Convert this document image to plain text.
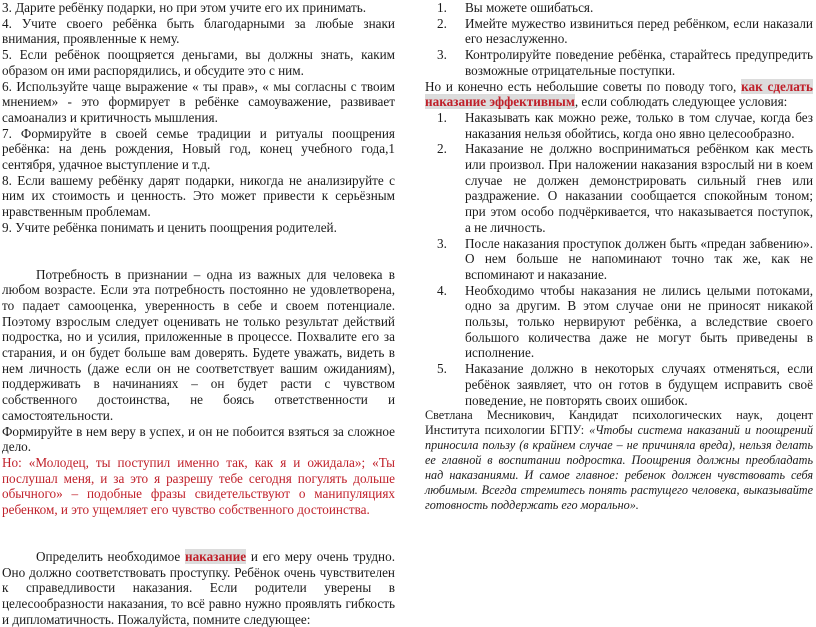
3. Дарите ребёнку подарки, но при этом учите его их принимать.

4. Учите своего ребёнка быть благодарными за любые знаки внимания, проявленные к нему.

5. Если ребёнок поощряется деньгами, вы должны знать, каким образом он ими распорядились, и обсудите это с ним.

6. Используйте чаще выражение « ты прав», « мы согласны с твоим мнением» - это формирует в ребёнке самоуважение, развивает самоанализ и критичность мышления.

7. Формируйте в своей семье традиции и ритуалы поощрения ребёнка: на день рождения, Новый год, конец учебного года,1 сентября, удачное выступление и т.д.

8. Если вашему ребёнку дарят подарки, никогда не анализируйте с ним их стоимость и ценность. Это может привести к серьёзным нравственным проблемам.

9. Учите ребёнка понимать и ценить поощрения родителей.

Потребность в признании – одна из важных для человека в любом возрасте. Если эта потребность постоянно не удовлетворена, то падает самооценка, уверенность в себе и своем потенциале. Поэтому взрослым следует оценивать не только результат действий подростка, но и усилия, приложенные в процессе. Похвалите его за старания, и он будет больше вам доверять. Будете уважать, видеть в нем личность (даже если он не соответствует вашим ожиданиям), поддерживать в начинаниях – он будет расти с чувством собственного достоинства, не боясь ответственности и самостоятельности.

Формируйте в нем веру в успех, и он не побоится взяться за сложное дело.

Но: «Молодец, ты поступил именно так, как я и ожидала»; «Ты послушал меня, и за это я разрешу тебе сегодня погулять дольше обычного» – подобные фразы свидетельствуют о манипуляциях ребенком, и это ущемляет его чувство собственного достоинства.

Определить необходимое наказание и его меру очень трудно. Оно должно соответствовать проступку. Ребёнок очень чувствителен к справедливости наказания. Если родители уверены в целесообразности наказания, то всё равно нужно проявлять гибкость и дипломатичность. Пожалуйста, помните следующее:

1. Вы можете ошибаться.
2. Имейте мужество извиниться перед ребёнком, если наказали его незаслуженно.
3. Контролируйте поведение ребёнка, старайтесь предупредить возможные отрицательные поступки.

Но и конечно есть небольшие советы по поводу того, как сделать наказание эффективным, если соблюдать следующее условия:

1. Наказывать как можно реже, только в том случае, когда без наказания нельзя обойтись, когда оно явно целесообразно.
2. Наказание не должно восприниматься ребёнком как месть или произвол. При наложении наказания взрослый ни в коем случае не должен демонстрировать сильный гнев или раздражение. О наказании сообщается спокойным тоном; при этом особо подчёркивается, что наказывается поступок, а не личность.
3. После наказания проступок должен быть «предан забвению». О нем больше не напоминают точно так же, как не вспоминают и наказание.
4. Необходимо чтобы наказания не лились целыми потоками, одно за другим. В этом случае они не приносят никакой пользы, только нервируют ребёнка, а вследствие своего большого количества даже не могут быть приведены в исполнение.
5. Наказание должно в некоторых случаях отменяться, если ребёнок заявляет, что он готов в будущем исправить своё поведение, не повторять своих ошибок.

Светлана Месникович, Кандидат психологических наук, доцент Института психологии БГПУ: «Чтобы система наказаний и поощрений приносила пользу (в крайнем случае – не причиняла вреда), нельзя делать ее главной в воспитании подростка. Поощрения должны преобладать над наказаниями. И самое главное: ребенок должен чувствовать себя любимым. Всегда стремитесь понять растущего человека, выказывайте готовность поддержать его морально».
